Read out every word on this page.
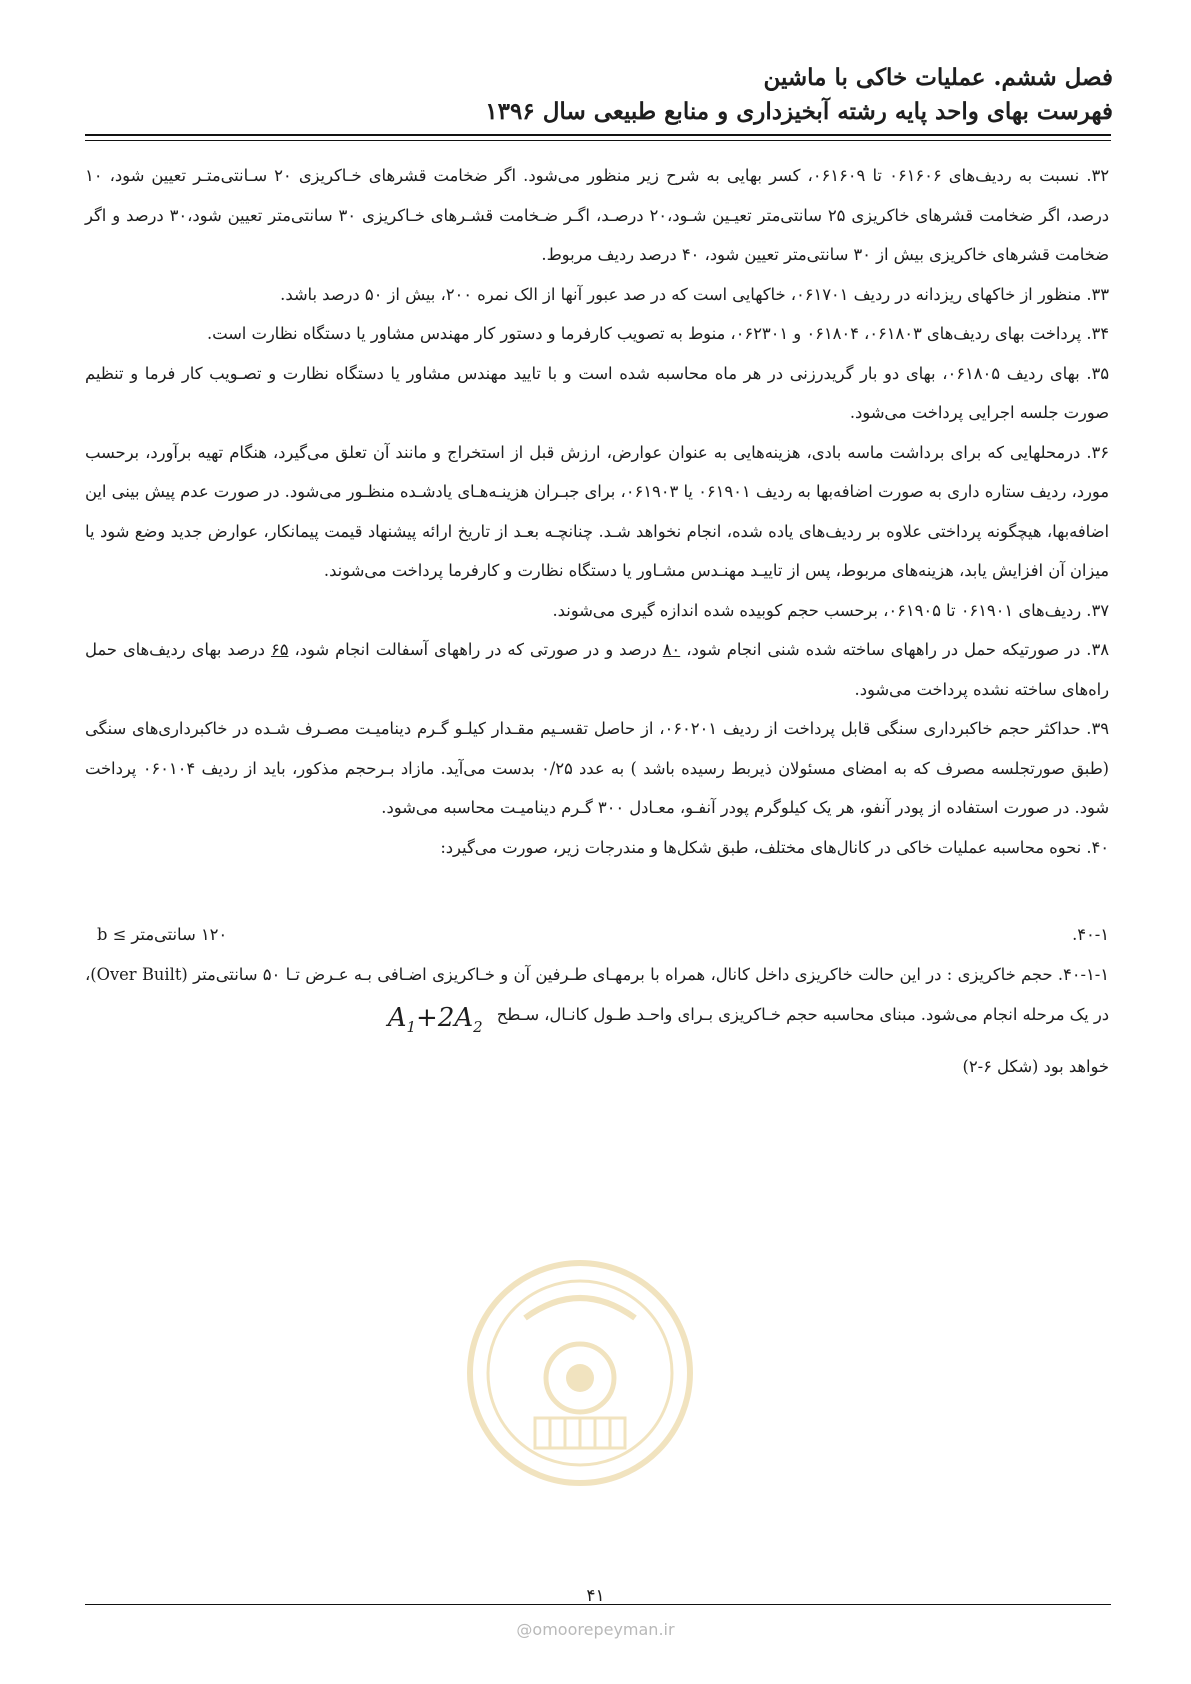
فصل ششم. عملیات خاکی با ماشین
فهرست بهای واحد پایه رشته آبخیزداری و منابع طبیعی سال ۱۳۹۶

۳۲. نسبت به ردیف‌های ۰۶۱۶۰۶ تا ۰۶۱۶۰۹، کسر بهایی به شرح زیر منظور می‌شود. اگر ضخامت قشرهای خـاکریزی ۲۰ سـانتی‌متـر تعیین شود، ۱۰ درصد، اگر ضخامت قشرهای خاکریزی ۲۵ سانتی‌متر تعیـین شـود،۲۰ درصـد، اگـر ضـخامت قشـرهای خـاکریزی ۳۰ سانتی‌متر تعیین شود،۳۰ درصد و اگر ضخامت قشرهای خاکریزی بیش از ۳۰ سانتی‌متر تعیین شود، ۴۰ درصد ردیف مربوط.

۳۳. منظور از خاکهای ریزدانه در ردیف ۰۶۱۷۰۱، خاکهایی است که در صد عبور آنها از الک نمره ۲۰۰، بیش از ۵۰ درصد باشد.

۳۴. پرداخت بهای ردیف‌های ۰۶۱۸۰۳، ۰۶۱۸۰۴ و ۰۶۲۳۰۱، منوط به تصویب کارفرما و دستور کار مهندس مشاور یا دستگاه نظارت است.

۳۵. بهای ردیف ۰۶۱۸۰۵، بهای دو بار گریدرزنی در هر ماه محاسبه شده است و با تایید مهندس مشاور یا دستگاه نظارت و تصـویب کار فرما و تنظیم صورت جلسه اجرایی پرداخت می‌شود.

۳۶. درمحلهایی که برای برداشت ماسه بادی، هزینه‌هایی به عنوان عوارض، ارزش قبل از استخراج و مانند آن تعلق می‌گیرد، هنگام تهیه برآورد، برحسب مورد، ردیف ستاره داری به صورت اضافه‌بها به ردیف ۰۶۱۹۰۱ یا ۰۶۱۹۰۳، برای جبـران هزینـه‌هـای یادشـده منظـور می‌شود. در صورت عدم پیش بینی این اضافه‌بها، هیچگونه پرداختی علاوه بر ردیف‌های یاده شده، انجام نخواهد شـد. چنانچـه بعـد از تاریخ ارائه پیشنهاد قیمت پیمانکار، عوارض جدید وضع شود یا میزان آن افزایش یابد، هزینه‌های مربوط، پس از تاییـد مهنـدس مشـاور یا دستگاه نظارت و کارفرما پرداخت می‌شوند.

۳۷. ردیف‌های ۰۶۱۹۰۱ تا ۰۶۱۹۰۵، برحسب حجم کوبیده شده اندازه گیری می‌شوند.

۳۸. در صورتیکه حمل در راههای ساخته شده شنی انجام شود، ۸۰ درصد و در صورتی که در راههای آسفالت انجام شود، ۶۵ درصد بهای ردیف‌های حمل راه‌های ساخته نشده پرداخت می‌شود.

۳۹. حداکثر حجم خاکبرداری سنگی قابل پرداخت از ردیف ۰۶۰۲۰۱، از حاصل تقسـیم مقـدار کیلـو گـرم دینامیـت مصـرف شـده در خاکبرداری‌های سنگی (طبق صورتجلسه مصرف که به امضای مسئولان ذیربط رسیده باشد ) به عدد ۰/۲۵ بدست می‌آید. مازاد بـرحجم مذکور، باید از ردیف ۰۶۰۱۰۴ پرداخت شود. در صورت استفاده از پودر آنفو، هر یک کیلوگرم پودر آنفـو، معـادل ۳۰۰ گـرم دینامیـت محاسبه می‌شود.

۴۰. نحوه محاسبه عملیات خاکی در کانال‌های مختلف، طبق شکل‌ها و مندرجات زیر، صورت می‌گیرد:

۴۰-۱.
۱۲۰ سانتی‌متر ≥ b

۴۰-۱-۱. حجم خاکریزی : در این حالت خاکریزی داخل کانال، همراه با برمهـای طـرفین آن و خـاکریزی اضـافی بـه عـرض تـا ۵۰ سانتی‌متر (Over Built)، در یک مرحله انجام می‌شود. مبنای محاسبه حجم خـاکریزی بـرای واحـد طـول کانـال، $سـطحA_1+2A_2$

خواهد بود (شکل ۶-۲)

۴۱
@omoorepeyman.ir
